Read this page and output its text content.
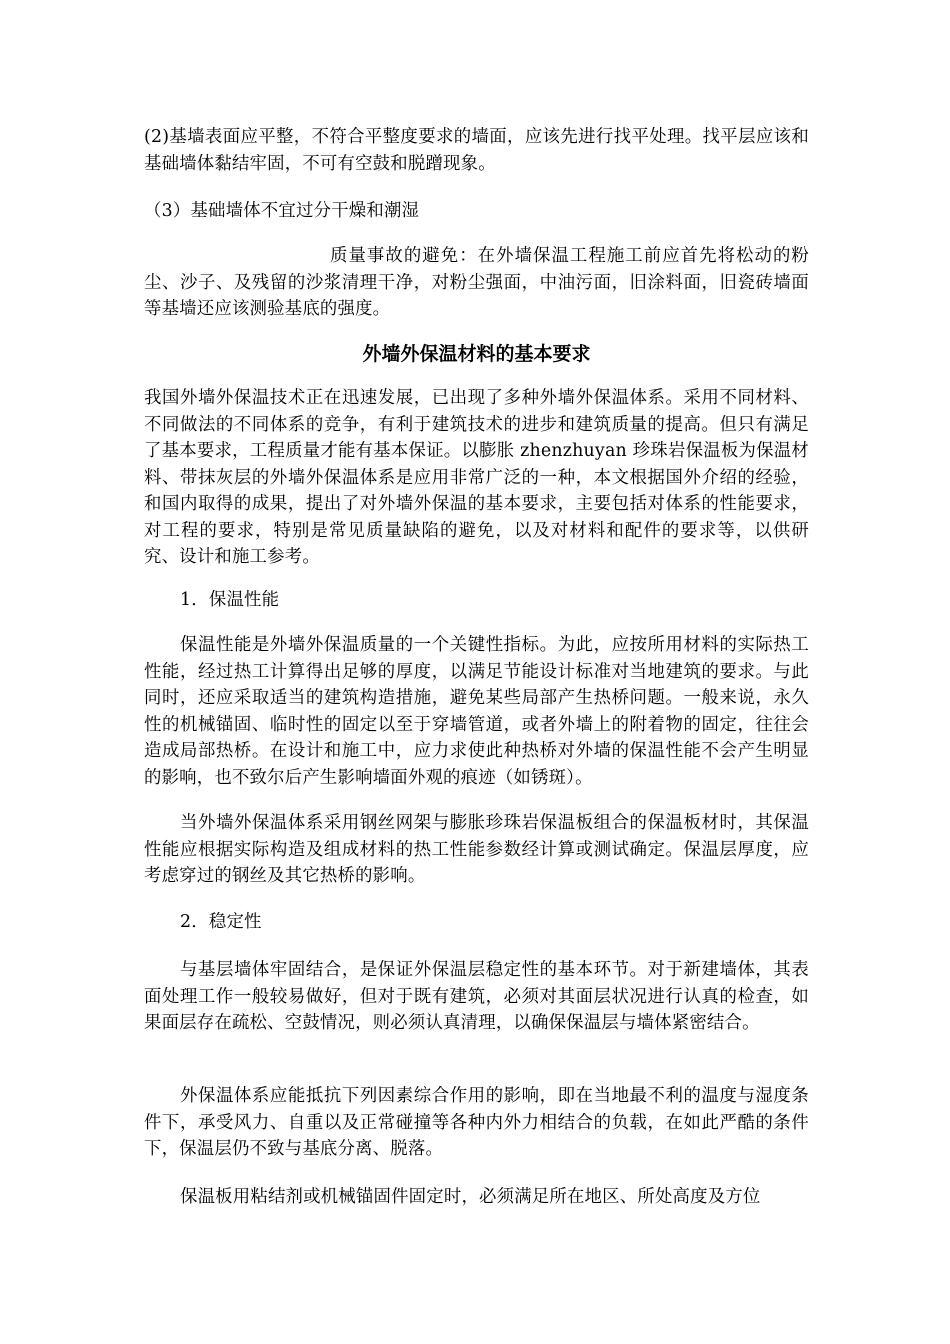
(2)基墙表面应平整，不符合平整度要求的墙面，应该先进行找平处理。找平层应该和基础墙体黏结牢固，不可有空鼓和脱蹭现象。

（3）基础墙体不宜过分干燥和潮湿

质量事故的避免：在外墙保温工程施工前应首先将松动的粉尘、沙子、及残留的沙浆清理干净，对粉尘强面，中油污面，旧涂料面，旧瓷砖墙面等基墙还应该测验基底的强度。

外墙外保温材料的基本要求

我国外墙外保温技术正在迅速发展，已出现了多种外墙外保温体系。采用不同材料、不同做法的不同体系的竞争，有利于建筑技术的进步和建筑质量的提高。但只有满足了基本要求，工程质量才能有基本保证。以膨胀 zhenzhuyan 珍珠岩保温板为保温材料、带抹灰层的外墙外保温体系是应用非常广泛的一种，本文根据国外介绍的经验，和国内取得的成果，提出了对外墙外保温的基本要求，主要包括对体系的性能要求，对工程的要求，特别是常见质量缺陷的避免，以及对材料和配件的要求等，以供研究、设计和施工参考。

1．保温性能

保温性能是外墙外保温质量的一个关键性指标。为此，应按所用材料的实际热工性能，经过热工计算得出足够的厚度，以满足节能设计标准对当地建筑的要求。与此同时，还应采取适当的建筑构造措施，避免某些局部产生热桥问题。一般来说，永久性的机械锚固、临时性的固定以至于穿墙管道，或者外墙上的附着物的固定，往往会造成局部热桥。在设计和施工中，应力求使此种热桥对外墙的保温性能不会产生明显的影响，也不致尔后产生影响墙面外观的痕迹（如锈斑）。

当外墙外保温体系采用钢丝网架与膨胀珍珠岩保温板组合的保温板材时，其保温性能应根据实际构造及组成材料的热工性能参数经计算或测试确定。保温层厚度，应考虑穿过的钢丝及其它热桥的影响。

2．稳定性

与基层墙体牢固结合，是保证外保温层稳定性的基本环节。对于新建墙体，其表面处理工作一般较易做好，但对于既有建筑，必须对其面层状况进行认真的检查，如果面层存在疏松、空鼓情况，则必须认真清理，以确保保温层与墙体紧密结合。

外保温体系应能抵抗下列因素综合作用的影响，即在当地最不利的温度与湿度条件下，承受风力、自重以及正常碰撞等各种内外力相结合的负载，在如此严酷的条件下，保温层仍不致与基底分离、脱落。

保温板用粘结剂或机械锚固件固定时，必须满足所在地区、所处高度及方位
